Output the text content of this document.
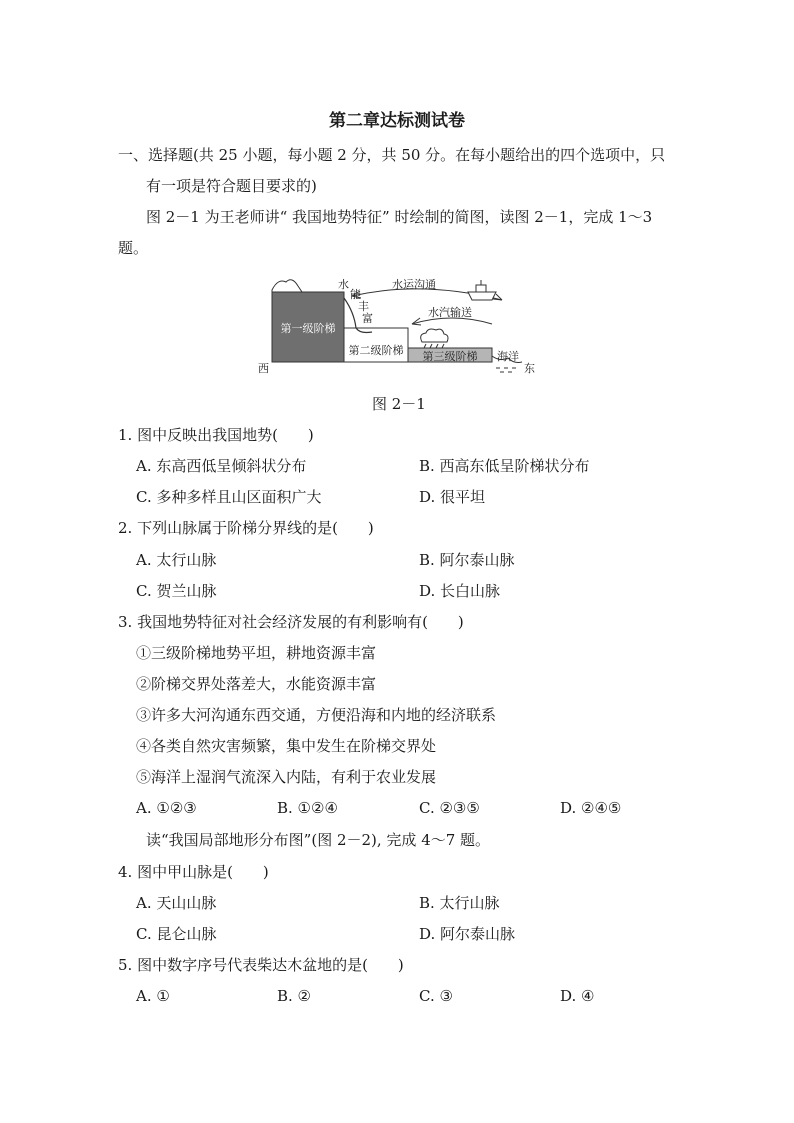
第二章达标测试卷
一、选择题(共 25 小题，每小题 2 分，共 50 分。在每小题给出的四个选项中，只
有一项是符合题目要求的)
图 2－1 为王老师讲“ 我国地势特征” 时绘制的简图，读图 2－1，完成 1～3
题。
第一级阶梯
第二级阶梯 第三级阶梯 海洋
西	东
水
能
丰
富
水运沟通
水汽输送
图 2－1
1. 图中反映出我国地势(　　)
A. 东高西低呈倾斜状分布	B. 西高东低呈阶梯状分布
C. 多种多样且山区面积广大	D. 很平坦
2. 下列山脉属于阶梯分界线的是(　　)
A. 太行山脉	B. 阿尔泰山脉
C. 贺兰山脉	D. 长白山脉
3. 我国地势特征对社会经济发展的有利影响有(　　)
①三级阶梯地势平坦，耕地资源丰富
②阶梯交界处落差大，水能资源丰富
③许多大河沟通东西交通，方便沿海和内地的经济联系
④各类自然灾害频繁，集中发生在阶梯交界处
⑤海洋上湿润气流深入内陆，有利于农业发展
A. ①②③	B. ①②④	C. ②③⑤	D. ②④⑤
读“我国局部地形分布图”(图 2－2), 完成 4～7 题。
4. 图中甲山脉是(　　)
A. 天山山脉	B. 太行山脉
C. 昆仑山脉	D. 阿尔泰山脉
5. 图中数字序号代表柴达木盆地的是(　　)
A. ①	B. ②	C. ③	D. ④
